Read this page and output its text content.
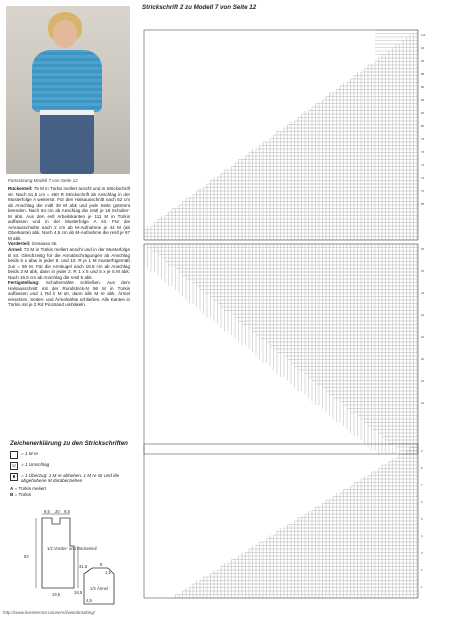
Fortsetzung Modell 7 von Seite 12
Rückenteil: 75 M in Türkis mellert anschl und in Strickschrift str. Nach 51,5 cm = 460 R Strickschrift ab Anschlag in der Musterfolge A weiterstr. Für den Halsausschnitt nach 52 cm ab Anschlag die mittl 39 M abk und jede Seite getrennt beenden. Nach 54 cm ab Anschlag die restl je 18 Schulter-M abk. Aus den evtl Arbeitskanten je 111 M in Türkis auffassen und in der Musterfolge A str. Für die Armausschnitte nach 2 cm ab M-Aufnahme je 44 M (ab Oberkante) abk. Nach 4,5 cm ab M-Aufnahme die restl je 67 M abk.
Vorderteil: Genauso str.
Ärmel: 73 M in Türkis mellert anschl und in der Musterfolge B str. Gleichzeitig für die Armabschrägungen ab Anschlag beids 6 x abw in jeder 8. und 10. R je 1 M musterfügemäß zun = 85 M. Für die Armkugel nach 19,5 cm ab Anschlag beids 3 M abk, dann in jeder 2. R 1 x 5 und 5 x je 5 M abk. Nach 19,5 cm ab Anschlag die restl 5 abk.
Fertigstellung: Schulternähte schließen. Aus dem Halsausschnitt mit der Rundstrick-N 96 M in Türkis auffassen und 1 Rd li M str, dann alle M re abk. Ärmel einsetzen, Seiten- und Ärmelnähte schließen. Alle Kanten in Türkis mit je 2 Rd Picotrand umhäkeln.

Strickschrift 2 zu Modell 7 von Seite 12
111
92
90
88
86
84
82
80
78
76
74
72
70
68
25
25
24
22
22
20
18
16
9
8
7
6
5
4
3
2
1
Zeichenerklärung zu den Strickschriften
= 1 M re
U	= 1 Umschlag
= 1 Überzug: 1 M re abheben, 1 M re str und die abgehobene M darüberziehen
A = Türkis meliert
B = Türkis
9,5 20 9,5
1/2 Vorder- und Rückenteil
31,5
52
1/2 Ärmel
18,5
8
19,5
4,5
1,5
http://www.liveinternet.ru/users/liveknitmaking/
